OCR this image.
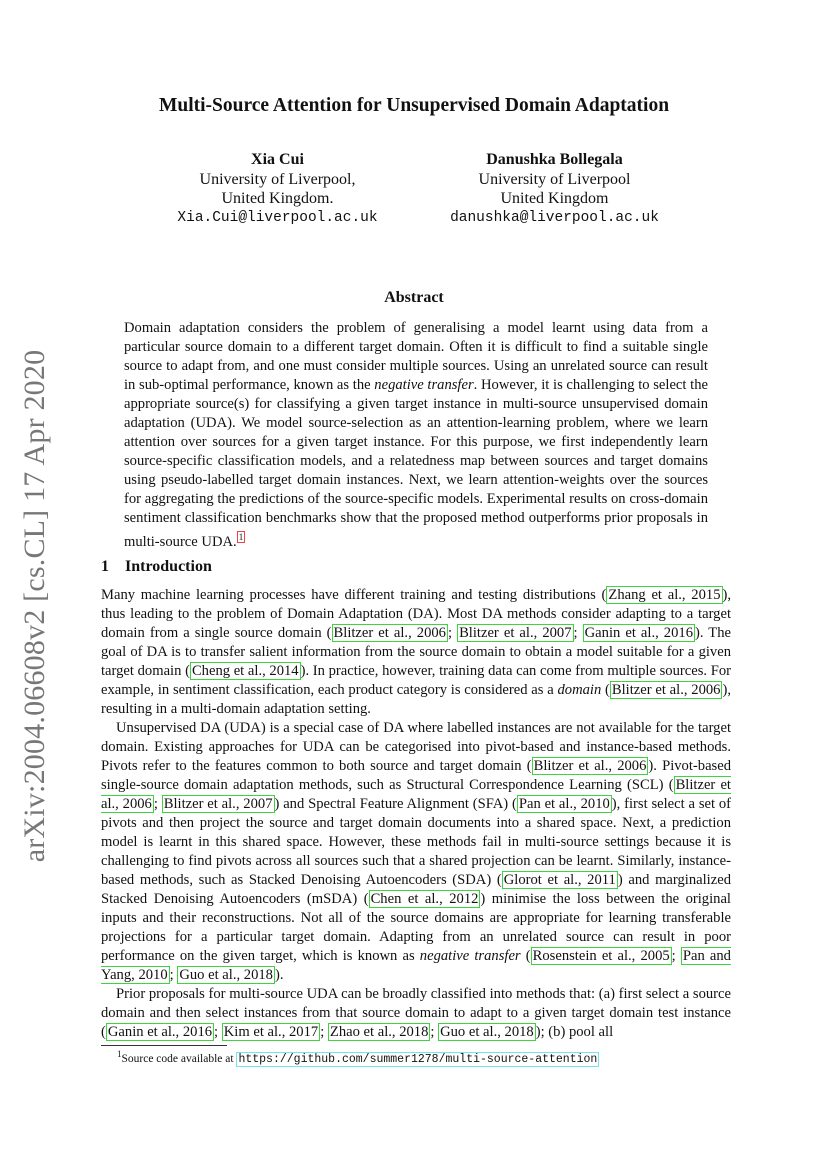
arXiv:2004.06608v2 [cs.CL] 17 Apr 2020
Multi-Source Attention for Unsupervised Domain Adaptation
Xia Cui
University of Liverpool,
United Kingdom.
Xia.Cui@liverpool.ac.uk
Danushka Bollegala
University of Liverpool
United Kingdom
danushka@liverpool.ac.uk
Abstract
Domain adaptation considers the problem of generalising a model learnt using data from a particular source domain to a different target domain. Often it is difficult to find a suitable single source to adapt from, and one must consider multiple sources. Using an unrelated source can result in sub-optimal performance, known as the negative transfer. However, it is challenging to select the appropriate source(s) for classifying a given target instance in multi-source unsupervised domain adaptation (UDA). We model source-selection as an attention-learning problem, where we learn attention over sources for a given target instance. For this purpose, we first independently learn source-specific classification models, and a relatedness map between sources and target domains using pseudo-labelled target domain instances. Next, we learn attention-weights over the sources for aggregating the predictions of the source-specific models. Experimental results on cross-domain sentiment classification benchmarks show that the proposed method outperforms prior proposals in multi-source UDA. $^1$
1 Introduction

Many machine learning processes have different training and testing distributions ( Zhang et al., 2015 ), thus leading to the problem of Domain Adaptation (DA). Most DA methods consider adapting to a target domain from a single source domain ( Blitzer et al., 2006 ; Blitzer et al., 2007 ; Ganin et al., 2016 ). The goal of DA is to transfer salient information from the source domain to obtain a model suitable for a given target domain ( Cheng et al., 2014 ). In practice, however, training data can come from multiple sources. For example, in sentiment classification, each product category is considered as a domain ( Blitzer et al., 2006 ), resulting in a multi-domain adaptation setting.

Unsupervised DA (UDA) is a special case of DA where labelled instances are not available for the target domain. Existing approaches for UDA can be categorised into pivot-based and instance-based methods. Pivots refer to the features common to both source and target domain ( Blitzer et al., 2006 ). Pivot-based single-source domain adaptation methods, such as Structural Correspondence Learning (SCL) ( Blitzer et al., 2006 ; Blitzer et al., 2007 ) and Spectral Feature Alignment (SFA) ( Pan et al., 2010 ), first select a set of pivots and then project the source and target domain documents into a shared space. Next, a prediction model is learnt in this shared space. However, these methods fail in multi-source settings because it is challenging to find pivots across all sources such that a shared projection can be learnt. Similarly, instance-based methods, such as Stacked Denoising Autoencoders (SDA) ( Glorot et al., 2011 ) and marginalized Stacked Denoising Autoencoders (mSDA) ( Chen et al., 2012 ) minimise the loss between the original inputs and their reconstructions. Not all of the source domains are appropriate for learning transferable projections for a particular target domain. Adapting from an unrelated source can result in poor performance on the given target, which is known as negative transfer ( Rosenstein et al., 2005 ; Pan and Yang, 2010 ; Guo et al., 2018 ).

Prior proposals for multi-source UDA can be broadly classified into methods that: (a) first select a source domain and then select instances from that source domain to adapt to a given target domain test instance ( Ganin et al., 2016 ; Kim et al., 2017 ; Zhao et al., 2018 ; Guo et al., 2018 ); (b) pool all

$^1$Source code available at https://github.com/summer1278/multi-source-attention
